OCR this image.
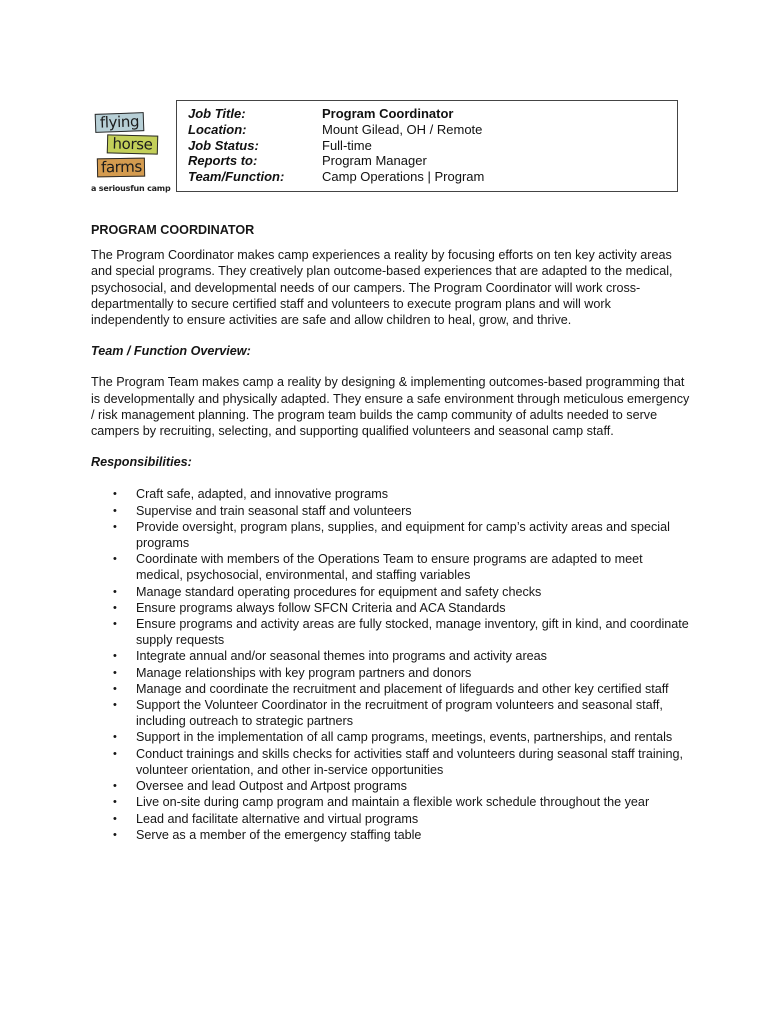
flying
horse
farms
a seriousfun camp
Job Title:
Location:
Job Status:
Reports to:
Team/Function:
Program Coordinator
Mount Gilead, OH / Remote
Full-time
Program Manager
Camp Operations | Program

PROGRAM COORDINATOR

The Program Coordinator makes camp experiences a reality by focusing efforts on ten key activity areas and special programs. They creatively plan outcome-based experiences that are adapted to the medical, psychosocial, and developmental needs of our campers. The Program Coordinator will work cross-departmentally to secure certified staff and volunteers to execute program plans and will work independently to ensure activities are safe and allow children to heal, grow, and thrive.

Team / Function Overview:

The Program Team makes camp a reality by designing & implementing outcomes-based programming that is developmentally and physically adapted. They ensure a safe environment through meticulous emergency / risk management planning. The program team builds the camp community of adults needed to serve campers by recruiting, selecting, and supporting qualified volunteers and seasonal camp staff.

Responsibilities:

• Craft safe, adapted, and innovative programs
• Supervise and train seasonal staff and volunteers
• Provide oversight, program plans, supplies, and equipment for camp’s activity areas and special programs
• Coordinate with members of the Operations Team to ensure programs are adapted to meet medical, psychosocial, environmental, and staffing variables
• Manage standard operating procedures for equipment and safety checks
• Ensure programs always follow SFCN Criteria and ACA Standards
• Ensure programs and activity areas are fully stocked, manage inventory, gift in kind, and coordinate supply requests
• Integrate annual and/or seasonal themes into programs and activity areas
• Manage relationships with key program partners and donors
• Manage and coordinate the recruitment and placement of lifeguards and other key certified staff
• Support the Volunteer Coordinator in the recruitment of program volunteers and seasonal staff, including outreach to strategic partners
• Support in the implementation of all camp programs, meetings, events, partnerships, and rentals
• Conduct trainings and skills checks for activities staff and volunteers during seasonal staff training, volunteer orientation, and other in-service opportunities
• Oversee and lead Outpost and Artpost programs
• Live on-site during camp program and maintain a flexible work schedule throughout the year
• Lead and facilitate alternative and virtual programs
• Serve as a member of the emergency staffing table
